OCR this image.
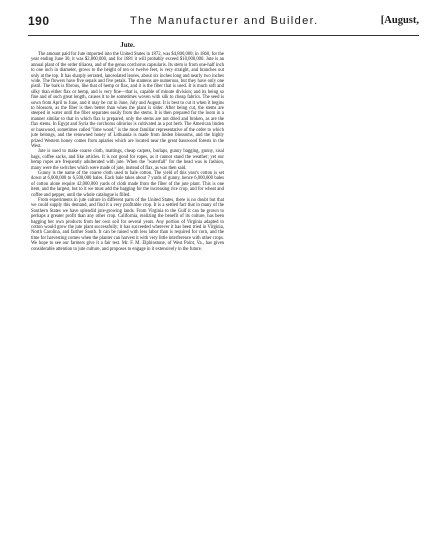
190	The Manufacturer and Builder.	[August,
Jute.

The amount paid for Jute imported into the United States in 1872, was $4,800,000; in 1860, for the year ending June 30, it was $2,800,000, and for 1881 it will probably exceed $10,000,000. Jute is an annual plant of the order tiliacea, and of the genus corchorus capsularis. Its stem is from one-half inch to one inch in diameter, grows to the height of ten or twelve feet, is very straight, and branches out only at the top. It has sharply serrated, lanceolated leaves, about six inches long and nearly two inches wide. The flowers have five sepals and five petals. The stamens are numerous, but they have only one pistil. The bark is fibrous, like that of hemp or flax, and it is the fiber that is used. It is much soft and silky than either flax or hemp, and is very fine—that is, capable of minute division; and its being so fine and of such great length, causes it to be sometimes woven with silk to cheap fabrics. The seed is sown from April to June, and it may be cut in June, July and August. It is best to cut it when it begins to blossom, as the fiber is then better than when the plant is older. After being cut, the stems are steeped in water until the fiber separates easily from the stems. It is then prepared for the loom in a manner similar to that in which flax is prepared, only the stems are not dried and broken, as are the flax stems. In Egypt and Syria the corchorus olitorius is cultivated as a pot herb. The American linden or basswood, sometimes called "lime wood," is the most familiar representative of the order to which jute belongs, and the renowned honey of Lithuania is made from linden blossoms, and the highly prized Western honey comes from apiaries which are located near the great basswood forests in the West.

Jute is used to make coarse cloth, mattings, cheap carpets, burlaps, gunny bagging, gunny, sisal bags, coffee sacks, and like articles. It is not good for ropes, as it cannot stand the weather; yet our hemp ropes are frequently adulterated with jute. When the "waterfall" for the head was in fashion, many were the switches which were made of jute, instead of flax, as was then said.

Gunny is the name of the coarse cloth used to bale cotton. The yield of this year's cotton is set down at 6,000,000 to 6,500,000 bales. Each bale takes about 7 yards of gunny, hence 6,000,000 bales of cotton alone require 42,000,000 yards of cloth made from the fiber of the jute plant. This is one item, and the largest, but to it we must add the bagging for the increasing rice crop, and for wheat and coffee and pepper, until the whole catalogue is filled.

From experiments in jute culture in different parts of the United States, there is no doubt but that we could supply this demand, and find it a very profitable crop. It is a settled fact that in many of the Southern States we have splendid jute-growing lands. From Virginia to the Gulf it can be grown to perhaps a greater profit than any other crop. California, realizing the benefit of its culture, has been bagging her own products from her own soil for several years. Any portion of Virginia adapted to cotton would grow the jute plant successfully; it has succeeded wherever it has been tried in Virginia, North Carolina, and farther South. It can be raised with less labor than is required for corn, and the time for harvesting comes when the planter can harvest it with very little interference with other crops. We hope to see our farmers give it a fair test. Mr. F. M. Elphinstone, of West Point, Va., has given considerable attention to jute culture, and proposes to engage in it extensively in the future.
